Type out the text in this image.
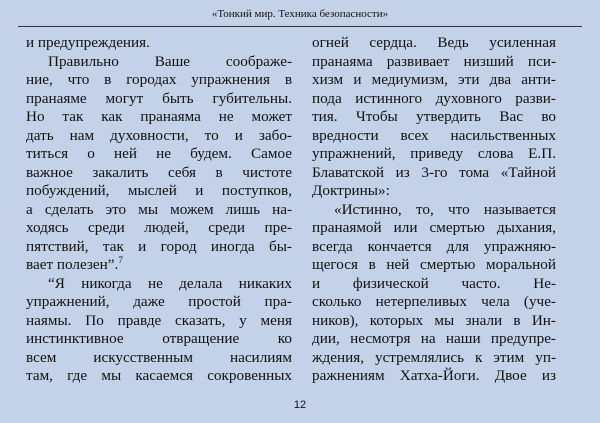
«Тонкий мир. Техника безопасности»
и предупреждения.
Правильно Ваше соображе-
ние, что в городах упражнения в
пранаяме могут быть губительны.
Но так как пранаяма не может
дать нам духовности, то и забо-
титься о ней не будем. Самое
важное закалить себя в чистоте
побуждений, мыслей и поступков,
а сделать это мы можем лишь на-
ходясь среди людей, среди пре-
пятствий, так и город иногда бы-
вает полезен”.$^7$
“Я никогда не делала никаких
упражнений, даже простой пра-
наямы. По правде сказать, у меня
инстинктивное отвращение ко
всем искусственным насилиям
там, где мы касаемся сокровенных
огней сердца. Ведь усиленная
пранаяма развивает низший пси-
хизм и медиумизм, эти два анти-
пода истинного духовного разви-
тия. Чтобы утвердить Вас во
вредности всех насильственных
упражнений, приведу слова Е.П.
Блаватской из 3-го тома «Тайной
Доктрины»:
«Истинно, то, что называется
пранаямой или смертью дыхания,
всегда кончается для упражняю-
щегося в ней смертью моральной
и физической часто. Не-
сколько нетерпеливых чела (уче-
ников), которых мы знали в Ин-
дии, несмотря на наши предупре-
ждения, устремлялись к этим уп-
ражнениям Хатха-Йоги. Двое из
12
